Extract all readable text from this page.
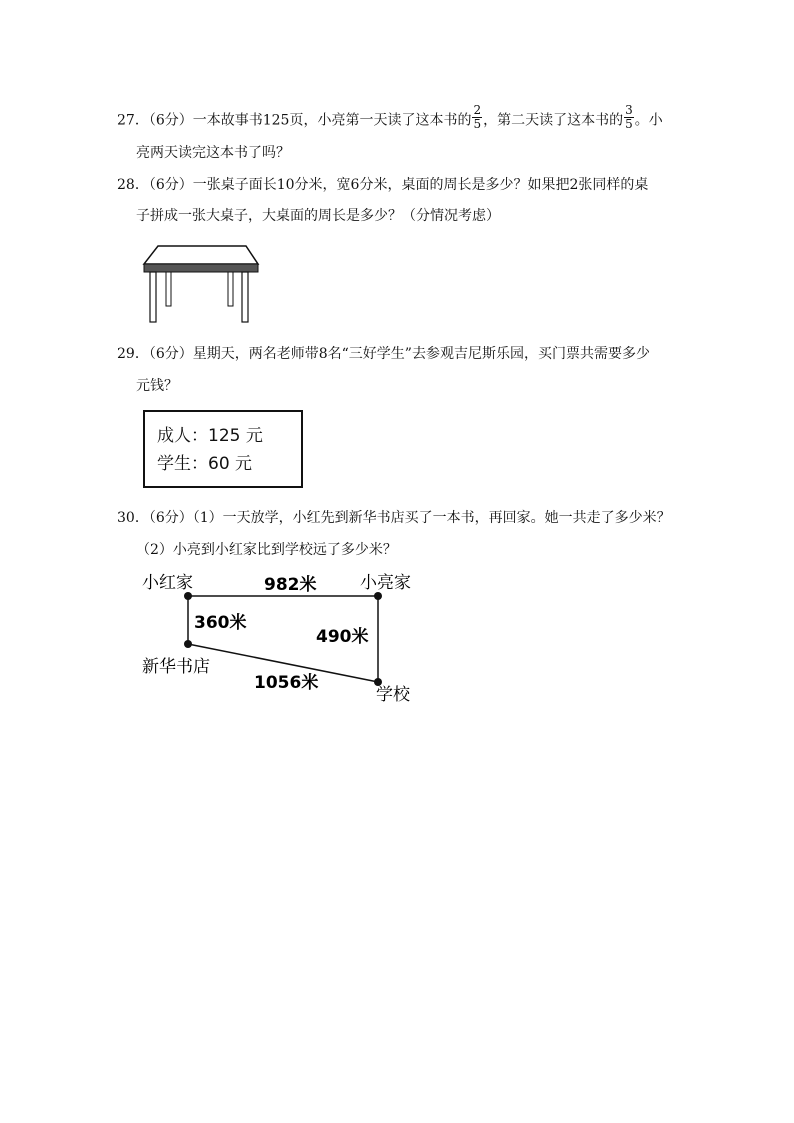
27．（6分）一本故事书125页，小亮第一天读了这本书的 $\frac{2}{5}$ ，第二天读了这本书的 $\frac{3}{5}$ 。小
亮两天读完这本书了吗？
28．（6分）一张桌子面长10分米，宽6分米，桌面的周长是多少？如果把2张同样的桌
子拼成一张大桌子，大桌面的周长是多少？（分情况考虑）
29．（6分）星期天，两名老师带8名“三好学生”去参观吉尼斯乐园，买门票共需要多少
元钱？
成人：125 元
学生：60 元
30．（6分）（1）一天放学，小红先到新华书店买了一本书，再回家。她一共走了多少米？
（2）小亮到小红家比到学校远了多少米？
小红家	小亮家
新华书店
学校
982米
360米
490米
1056米
